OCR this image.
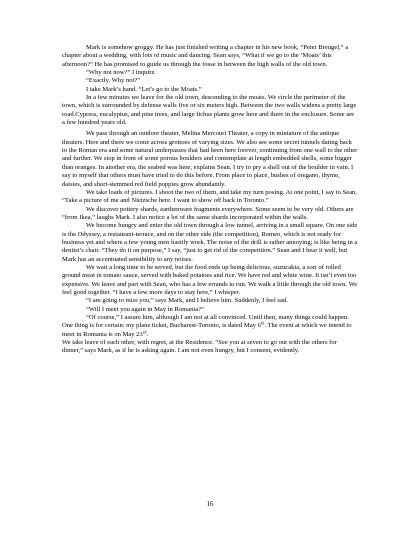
Mark is somehow groggy. He has just finished writing a chapter in his new book, “Peter Breugel,” a chapter about a wedding, with lots of music and dancing. Sean says, “What if we go to the ‘Moats’ this afternoon?” He has promised to guide us through the fosse in between the high walls of the old town.

“Why not now?” I inquire.

“Exactly. Why not?”

I take Mark’s hand. “Let’s go to the Moats.”

In a few minutes we leave for the old town, descending to the moats. We circle the perimeter of the town, which is surrounded by defense walls five or six meters high. Between the two walls widens a pretty large road.Cypress, eucalyptus, and pine trees, and large fichus plants grow here and there in the enclosure. Some are a few hundred years old.

We pass through an outdoor theater, Melina Mercouri Theater, a copy in miniature of the antique theaters. Here and there we come across grottoes of varying sizes. We also see some secret tunnels dating back to the Roman era and some natural underpasses that had been here forever, continuing from one wall to the other and further. We stop in front of some porous boulders and contemplate at length embedded shells, some bigger than oranges. In another era, the seabed was here, explains Sean. I try to pry a shell out of the boulder in vain. I say to myself that others must have tried to do this before. From place to place, bushes of oregano, thyme, daisies, and short-stemmed red field poppies grow abundantly.

We take loads of pictures. I shoot the two of them, and take my turn posing. At one point, I say to Sean, “Take a picture of me and Nietzsche here. I want to show off back in Toronto.”

We discover pottery shards, earthenware fragments everywhere. Some seem to be very old. Others are “from Ikea,” laughs Mark. I also notice a lot of the same shards incorporated within the walls.

We become hungry and enter the old town through a low tunnel, arriving in a small square. On one side is the Odyssey, a restaurant-terrace, and on the other side (the competition), Romeo, which is not ready for business yet and where a few young men hastily work. The noise of the drill is rather annoying; is like being in a dentist’s chair. “They do it on purpose,” I say, “just to get rid of the competition.” Sean and I bear it well, but Mark has an accentuated sensibility to any noises.

We wait a long time to be served, but the food ends up being delicious, suzucakia, a sort of rolled ground meat in tomato sauce, served with baked potatoes and rice. We have red and white wine. It isn’t even too expensive. We leave and part with Sean, who has a few errands to run. We walk a little through the old town. We feel good together. “I have a few more days to stay here,” I whisper.

“I am going to miss you,” says Mark, and I believe him. Suddenly, I feel sad.

“Will I meet you again in May in Romania?”

“Of course,” I assure him, although I am not at all convinced. Until then, many things could happen. One thing is for certain: my plane ticket, Bucharest-Toronto, is dated May 6th. The event at which we intend to meet in Romania is on May 23rd.

We take leave of each other, with regret, at the Residence. “See you at seven to go out with the others for dinner,” says Mark, as if he is asking again. I am not even hungry, but I consent, evidently.

16
